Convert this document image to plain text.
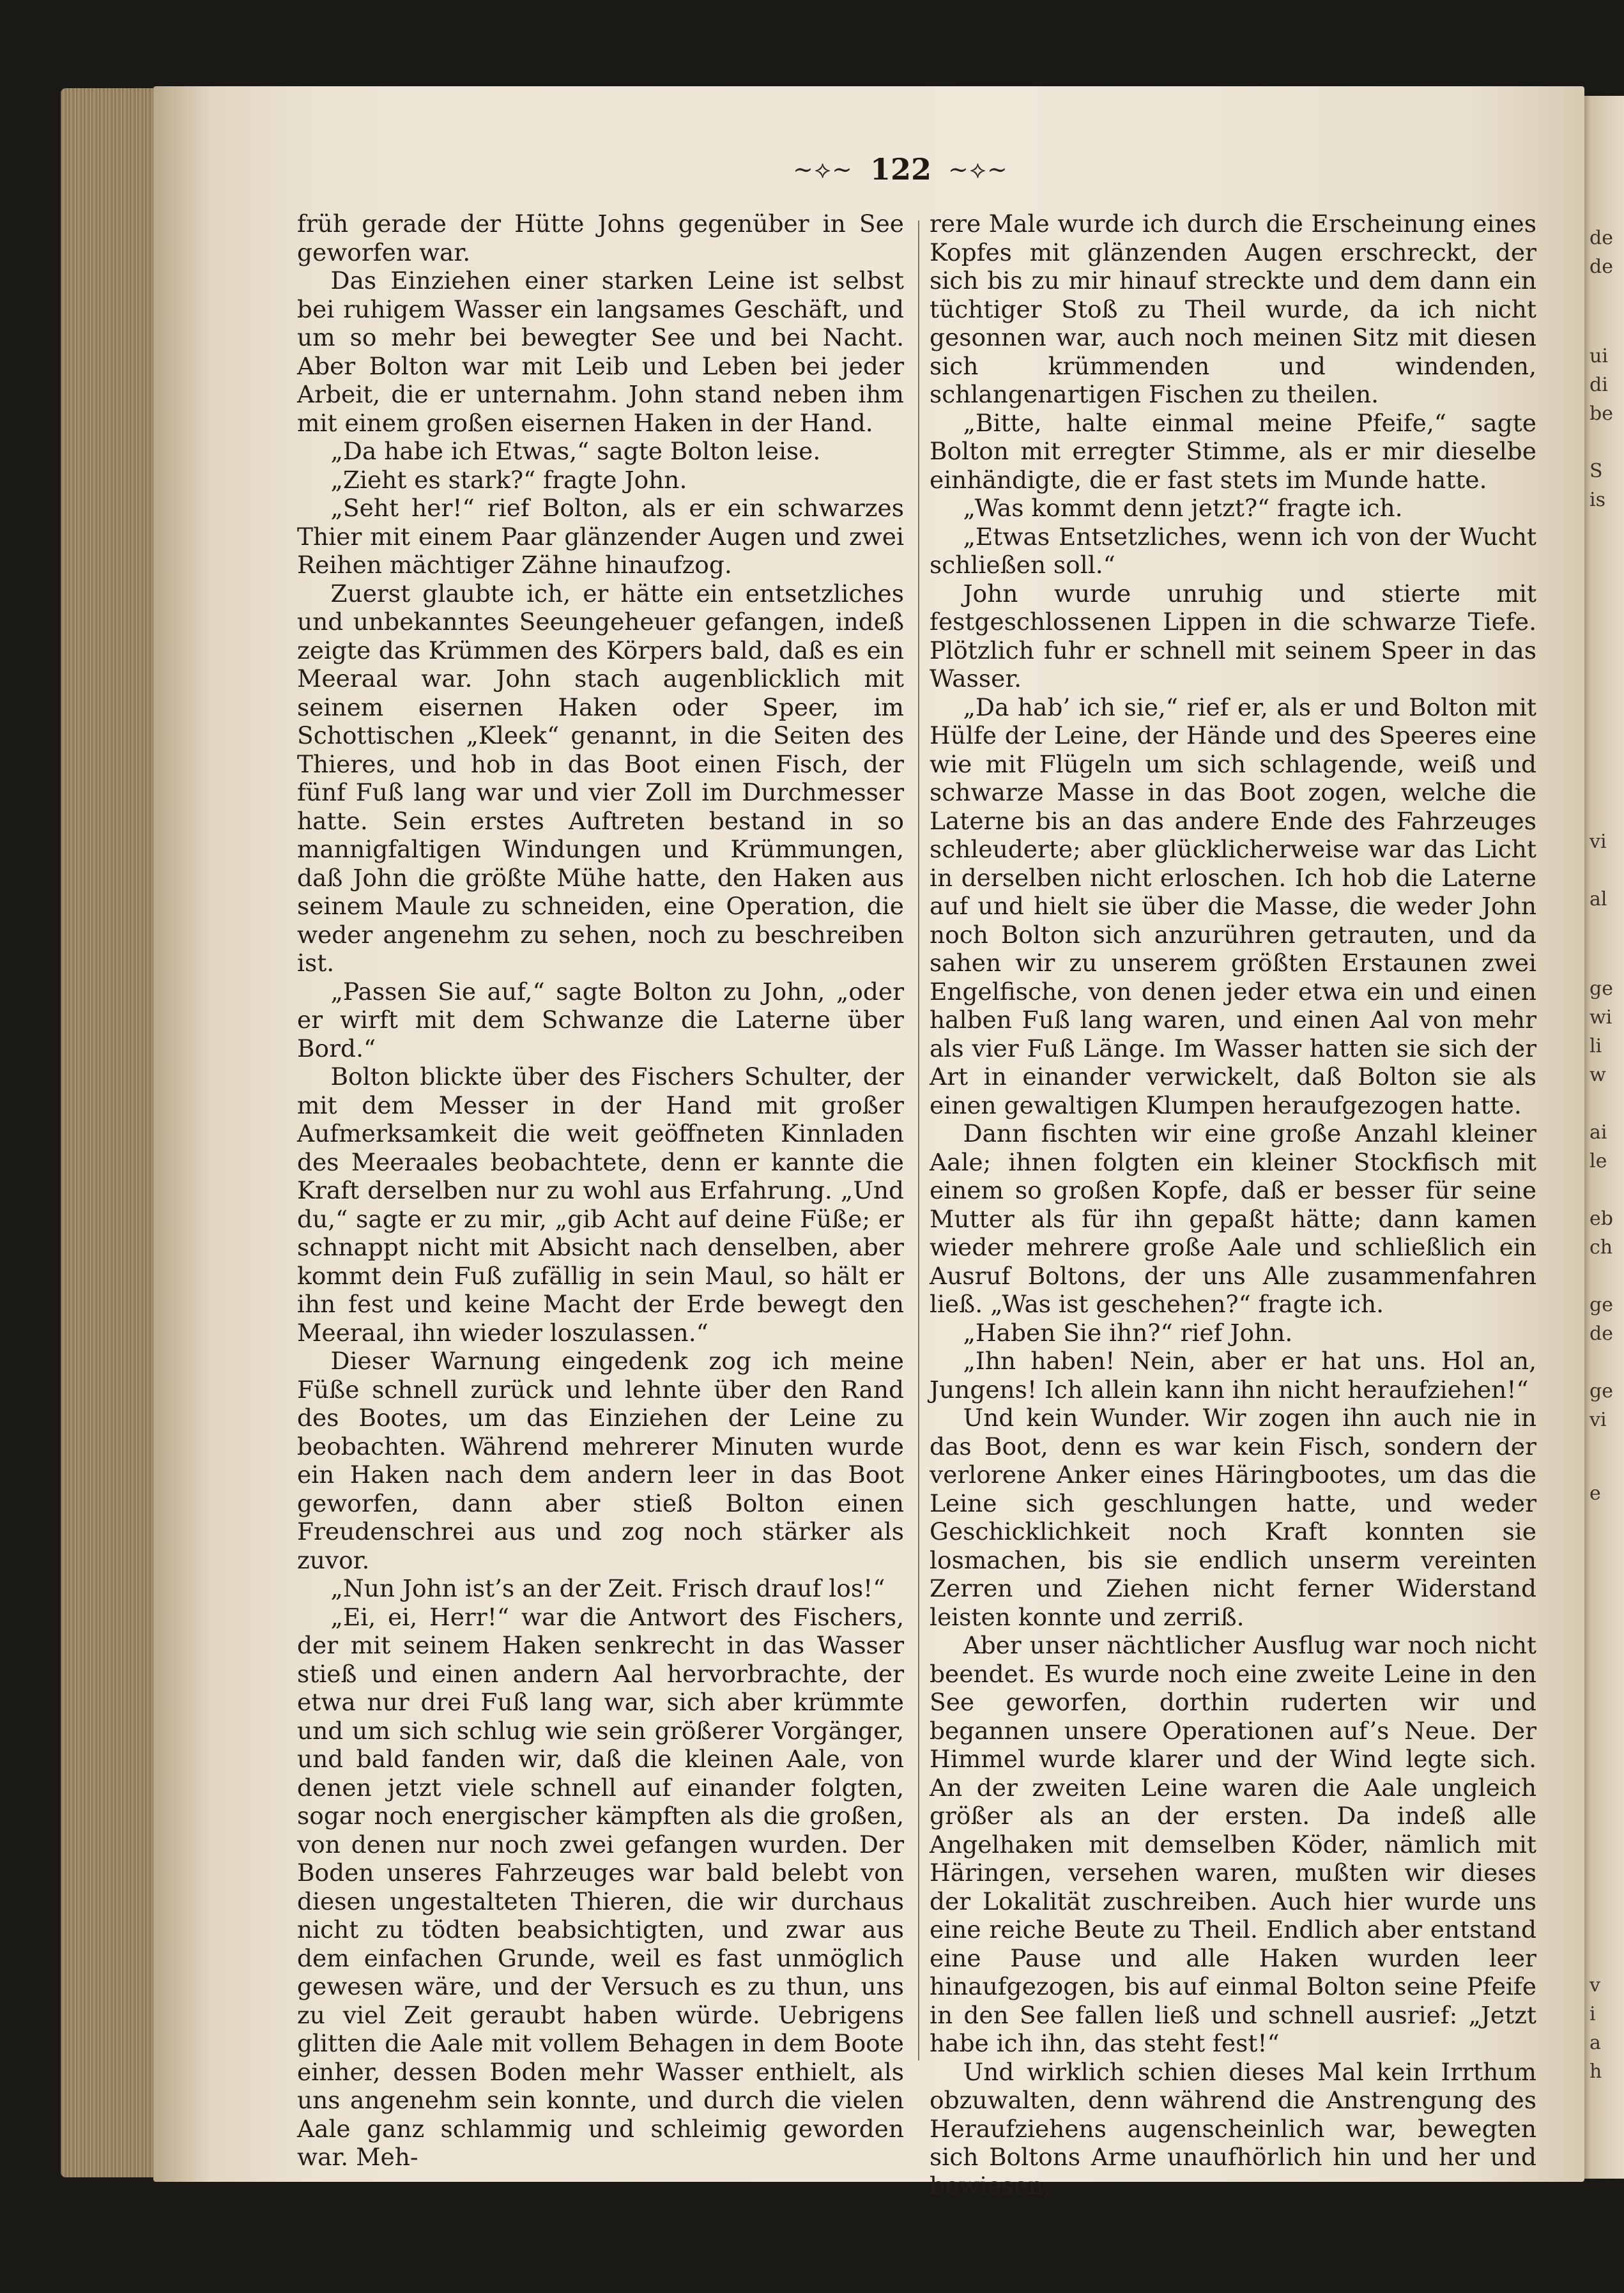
de
de
ui
di
be
S
is
vi
al
ge
wi
li
w
ai
le
eb
ch
ge
de
ge
vi
e
v
i
a
h
~⟡~ 122 ~⟡~

früh gerade der Hütte Johns gegenüber in See geworfen war.

Das Einziehen einer starken Leine ist selbst bei ruhigem Wasser ein langsames Geschäft, und um so mehr bei bewegter See und bei Nacht. Aber Bolton war mit Leib und Leben bei jeder Arbeit, die er unternahm. John stand neben ihm mit einem großen eisernen Haken in der Hand.

„Da habe ich Etwas,“ sagte Bolton leise.

„Zieht es stark?“ fragte John.

„Seht her!“ rief Bolton, als er ein schwarzes Thier mit einem Paar glänzender Augen und zwei Reihen mächtiger Zähne hinaufzog.

Zuerst glaubte ich, er hätte ein entsetzliches und unbekanntes Seeungeheuer gefangen, indeß zeigte das Krümmen des Körpers bald, daß es ein Meeraal war. John stach augenblicklich mit seinem eisernen Haken oder Speer, im Schottischen „Kleek“ genannt, in die Seiten des Thieres, und hob in das Boot einen Fisch, der fünf Fuß lang war und vier Zoll im Durchmesser hatte. Sein erstes Auftreten bestand in so mannigfaltigen Windungen und Krümmungen, daß John die größte Mühe hatte, den Haken aus seinem Maule zu schneiden, eine Operation, die weder angenehm zu sehen, noch zu beschreiben ist.

„Passen Sie auf,“ sagte Bolton zu John, „oder er wirft mit dem Schwanze die Laterne über Bord.“

Bolton blickte über des Fischers Schulter, der mit dem Messer in der Hand mit großer Aufmerksamkeit die weit geöffneten Kinnladen des Meeraales beobachtete, denn er kannte die Kraft derselben nur zu wohl aus Erfahrung. „Und du,“ sagte er zu mir, „gib Acht auf deine Füße; er schnappt nicht mit Absicht nach denselben, aber kommt dein Fuß zufällig in sein Maul, so hält er ihn fest und keine Macht der Erde bewegt den Meeraal, ihn wieder loszulassen.“

Dieser Warnung eingedenk zog ich meine Füße schnell zurück und lehnte über den Rand des Bootes, um das Einziehen der Leine zu beobachten. Während mehrerer Minuten wurde ein Haken nach dem andern leer in das Boot geworfen, dann aber stieß Bolton einen Freudenschrei aus und zog noch stärker als zuvor.

„Nun John ist’s an der Zeit. Frisch drauf los!“

„Ei, ei, Herr!“ war die Antwort des Fischers, der mit seinem Haken senkrecht in das Wasser stieß und einen andern Aal hervorbrachte, der etwa nur drei Fuß lang war, sich aber krümmte und um sich schlug wie sein größerer Vorgänger, und bald fanden wir, daß die kleinen Aale, von denen jetzt viele schnell auf einander folgten, sogar noch energischer kämpften als die großen, von denen nur noch zwei gefangen wurden. Der Boden unseres Fahrzeuges war bald belebt von diesen ungestalteten Thieren, die wir durchaus nicht zu tödten beabsichtigten, und zwar aus dem einfachen Grunde, weil es fast unmöglich gewesen wäre, und der Versuch es zu thun, uns zu viel Zeit geraubt haben würde. Uebrigens glitten die Aale mit vollem Behagen in dem Boote einher, dessen Boden mehr Wasser enthielt, als uns angenehm sein konnte, und durch die vielen Aale ganz schlammig und schleimig geworden war. Meh-

rere Male wurde ich durch die Erscheinung eines Kopfes mit glänzenden Augen erschreckt, der sich bis zu mir hinauf streckte und dem dann ein tüchtiger Stoß zu Theil wurde, da ich nicht gesonnen war, auch noch meinen Sitz mit diesen sich krümmenden und windenden, schlangenartigen Fischen zu theilen.

„Bitte, halte einmal meine Pfeife,“ sagte Bolton mit erregter Stimme, als er mir dieselbe einhändigte, die er fast stets im Munde hatte.

„Was kommt denn jetzt?“ fragte ich.

„Etwas Entsetzliches, wenn ich von der Wucht schließen soll.“

John wurde unruhig und stierte mit festgeschlossenen Lippen in die schwarze Tiefe. Plötzlich fuhr er schnell mit seinem Speer in das Wasser.

„Da hab’ ich sie,“ rief er, als er und Bolton mit Hülfe der Leine, der Hände und des Speeres eine wie mit Flügeln um sich schlagende, weiß und schwarze Masse in das Boot zogen, welche die Laterne bis an das andere Ende des Fahrzeuges schleuderte; aber glücklicherweise war das Licht in derselben nicht erloschen. Ich hob die Laterne auf und hielt sie über die Masse, die weder John noch Bolton sich anzurühren getrauten, und da sahen wir zu unserem größten Erstaunen zwei Engelfische, von denen jeder etwa ein und einen halben Fuß lang waren, und einen Aal von mehr als vier Fuß Länge. Im Wasser hatten sie sich der Art in einander verwickelt, daß Bolton sie als einen gewaltigen Klumpen heraufgezogen hatte.

Dann fischten wir eine große Anzahl kleiner Aale; ihnen folgten ein kleiner Stockfisch mit einem so großen Kopfe, daß er besser für seine Mutter als für ihn gepaßt hätte; dann kamen wieder mehrere große Aale und schließlich ein Ausruf Boltons, der uns Alle zusammenfahren ließ. „Was ist geschehen?“ fragte ich.

„Haben Sie ihn?“ rief John.

„Ihn haben! Nein, aber er hat uns. Hol an, Jungens! Ich allein kann ihn nicht heraufziehen!“

Und kein Wunder. Wir zogen ihn auch nie in das Boot, denn es war kein Fisch, sondern der verlorene Anker eines Häringbootes, um das die Leine sich geschlungen hatte, und weder Geschicklichkeit noch Kraft konnten sie losmachen, bis sie endlich unserm vereinten Zerren und Ziehen nicht ferner Widerstand leisten konnte und zerriß.

Aber unser nächtlicher Ausflug war noch nicht beendet. Es wurde noch eine zweite Leine in den See geworfen, dorthin ruderten wir und begannen unsere Operationen auf’s Neue. Der Himmel wurde klarer und der Wind legte sich. An der zweiten Leine waren die Aale ungleich größer als an der ersten. Da indeß alle Angelhaken mit demselben Köder, nämlich mit Häringen, versehen waren, mußten wir dieses der Lokalität zuschreiben. Auch hier wurde uns eine reiche Beute zu Theil. Endlich aber entstand eine Pause und alle Haken wurden leer hinaufgezogen, bis auf einmal Bolton seine Pfeife in den See fallen ließ und schnell ausrief: „Jetzt habe ich ihn, das steht fest!“

Und wirklich schien dieses Mal kein Irrthum obzuwalten, denn während die Anstrengung des Heraufziehens augenscheinlich war, bewegten sich Boltons Arme unaufhörlich hin und her und bewiesen,
